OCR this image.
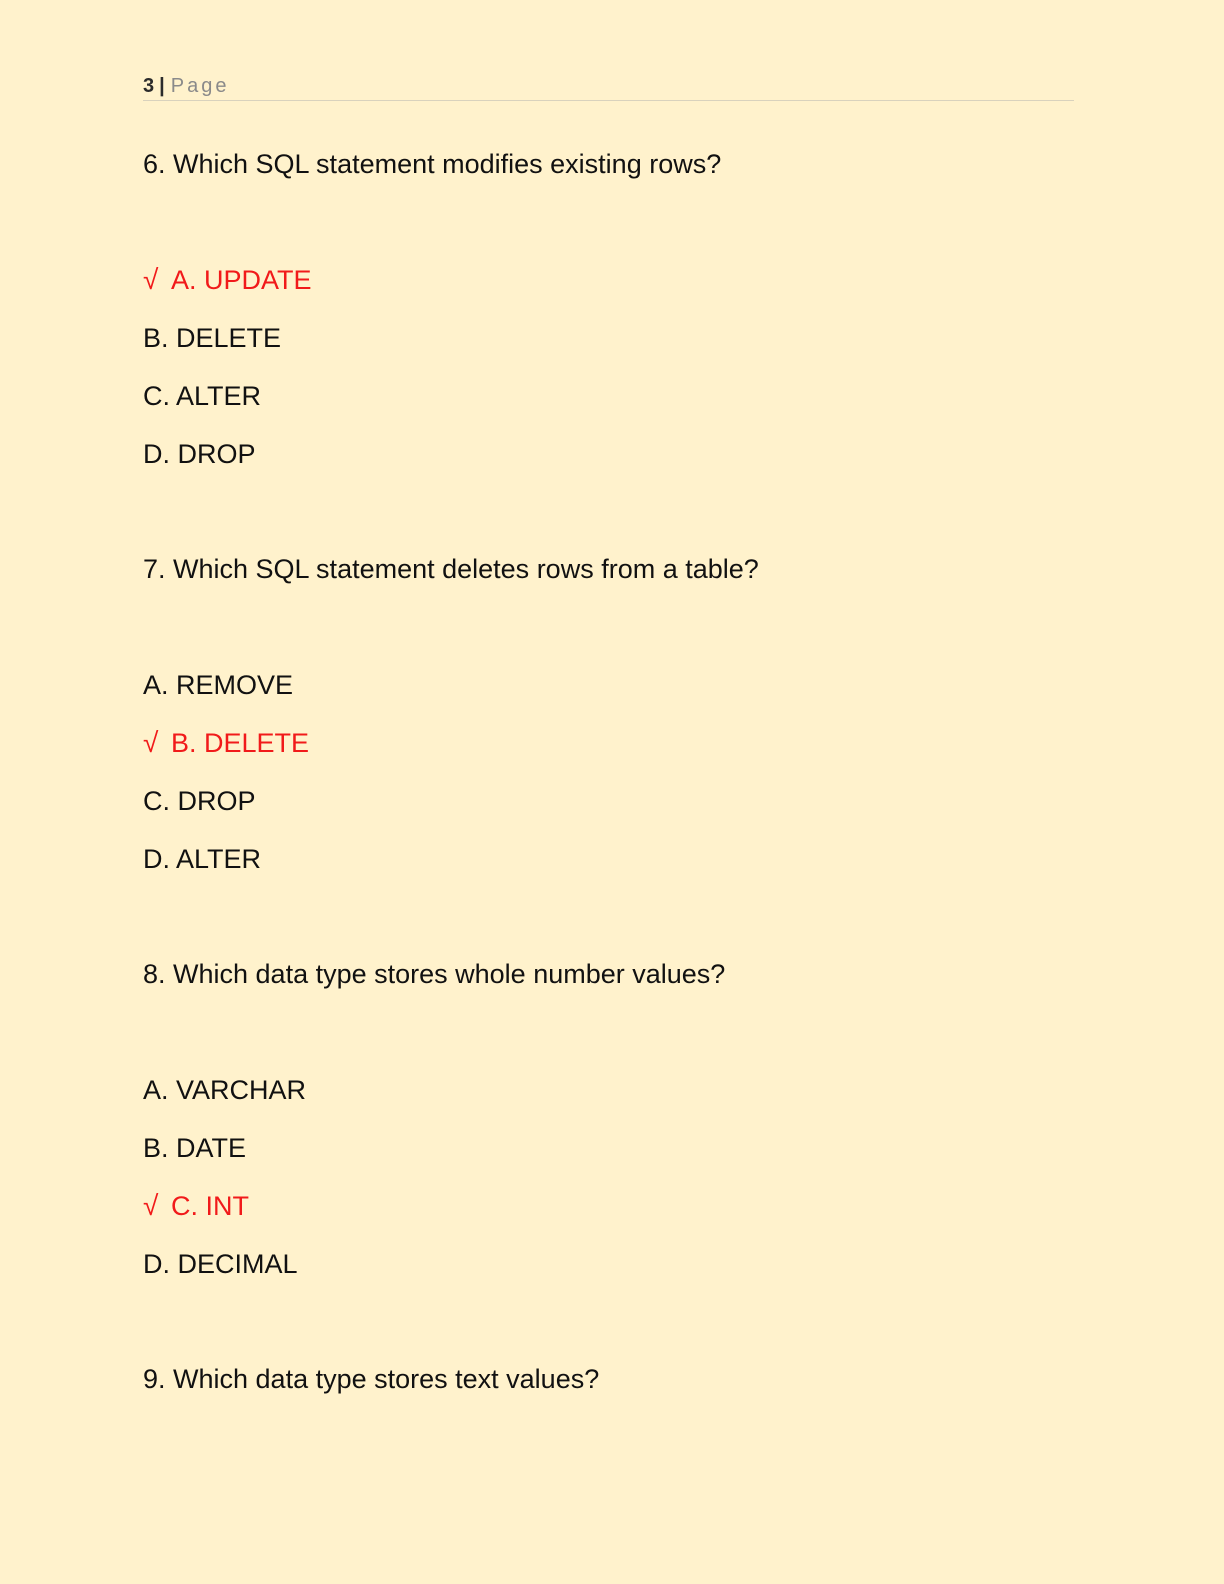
3 | Page

6. Which SQL statement modifies existing rows?

√ A. UPDATE
B. DELETE
C. ALTER
D. DROP

7. Which SQL statement deletes rows from a table?

A. REMOVE
√ B. DELETE
C. DROP
D. ALTER

8. Which data type stores whole number values?

A. VARCHAR
B. DATE
√ C. INT
D. DECIMAL

9. Which data type stores text values?
